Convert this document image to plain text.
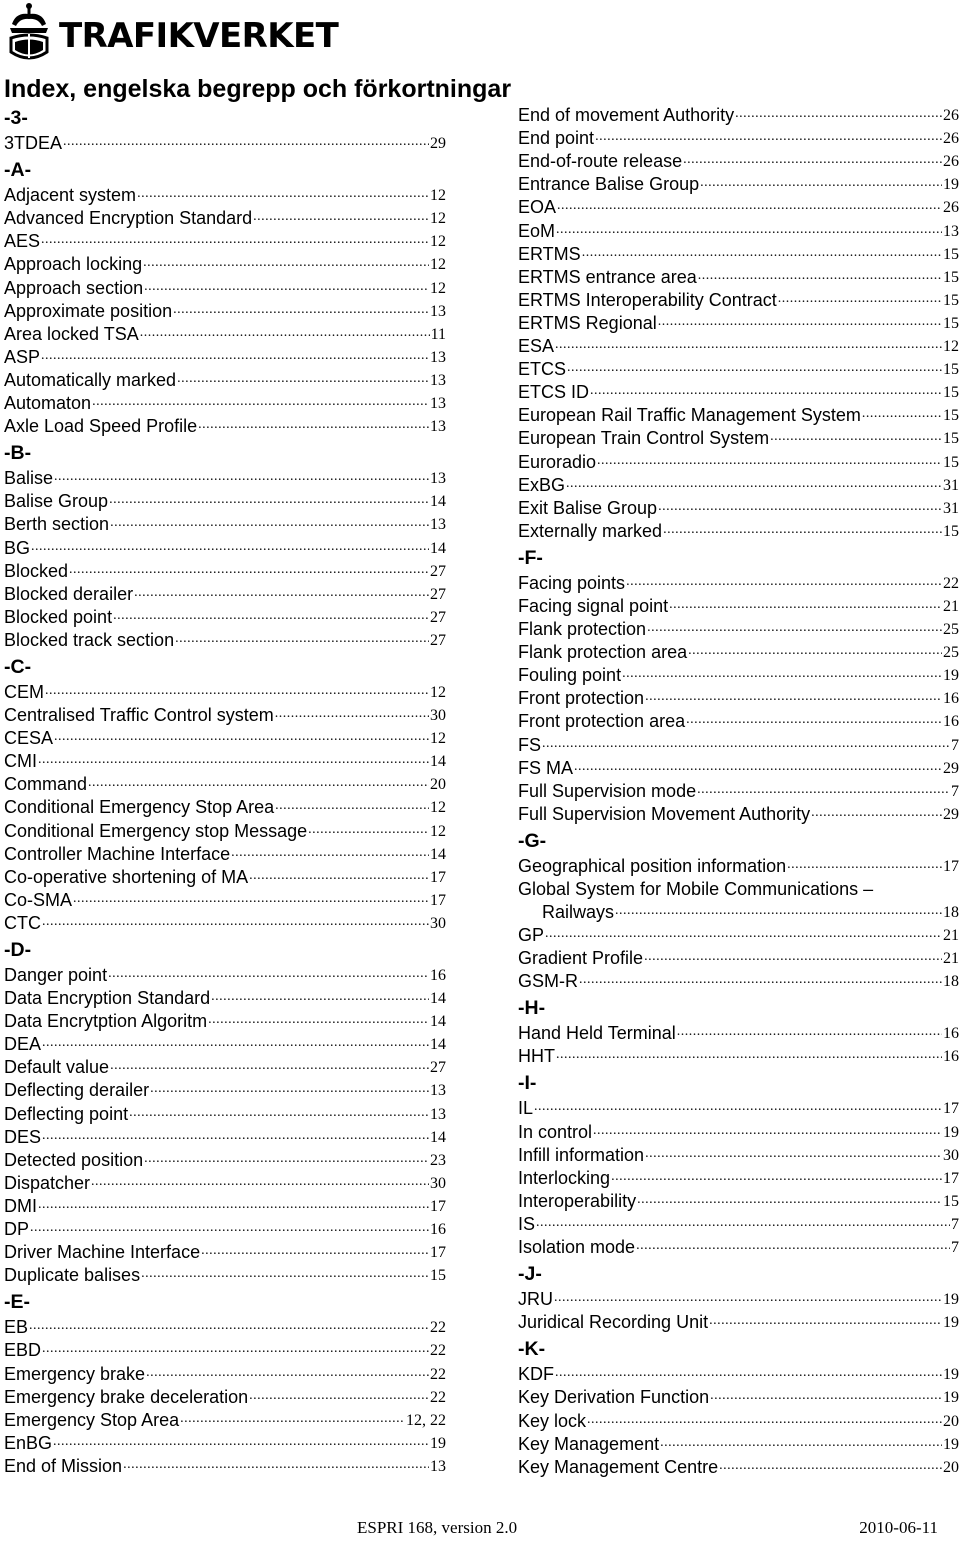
TRAFIKVERKET
Index, engelska begrepp och förkortningar
-3-
3TDEA .....	29
-A-
Adjacent system .....	12
Advanced Encryption Standard .....	12
AES .....	12
Approach locking .....	12
Approach section .....	12
Approximate position .....	13
Area locked TSA .....	11
ASP .....	13
Automatically marked .....	13
Automaton .....	13
Axle Load Speed Profile .....	13
-B-
Balise .....	13
Balise Group .....	14
Berth section .....	13
BG .....	14
Blocked .....	27
Blocked derailer .....	27
Blocked point .....	27
Blocked track section .....	27
-C-
CEM .....	12
Centralised Traffic Control system .....	30
CESA .....	12
CMI .....	14
Command .....	20
Conditional Emergency Stop Area .....	12
Conditional Emergency stop Message .....	12
Controller Machine Interface .....	14
Co-operative shortening of MA .....	17
Co-SMA .....	17
CTC .....	30
-D-
Danger point .....	16
Data Encryption Standard .....	14
Data Encrytption Algoritm .....	14
DEA .....	14
Default value .....	27
Deflecting derailer .....	13
Deflecting point .....	13
DES .....	14
Detected position .....	23
Dispatcher .....	30
DMI .....	17
DP .....	16
Driver Machine Interface .....	17
Duplicate balises .....	15
-E-
EB .....	22
EBD .....	22
Emergency brake .....	22
Emergency brake deceleration .....	22
Emergency Stop Area .....	12, 22
EnBG .....	19
End of Mission .....	13
End of movement Authority .....	26
End point .....	26
End-of-route release .....	26
Entrance Balise Group .....	19
EOA .....	26
EoM .....	13
ERTMS .....	15
ERTMS entrance area .....	15
ERTMS Interoperability Contract .....	15
ERTMS Regional .....	15
ESA .....	12
ETCS .....	15
ETCS ID .....	15
European Rail Traffic Management System .....	15
European Train Control System .....	15
Euroradio .....	15
ExBG .....	31
Exit Balise Group .....	31
Externally marked .....	15
-F-
Facing points .....	22
Facing signal point .....	21
Flank protection .....	25
Flank protection area .....	25
Fouling point .....	19
Front protection .....	16
Front protection area .....	16
FS .....	7
FS MA .....	29
Full Supervision mode .....	7
Full Supervision Movement Authority .....	29
-G-
Geographical position information .....	17
Global System for Mobile Communications –
Railways .....	18
GP .....	21
Gradient Profile .....	21
GSM-R .....	18
-H-
Hand Held Terminal .....	16
HHT .....	16
-I-
IL .....	17
In control .....	19
Infill information .....	30
Interlocking .....	17
Interoperability .....	15
IS .....	7
Isolation mode .....	7
-J-
JRU .....	19
Juridical Recording Unit .....	19
-K-
KDF .....	19
Key Derivation Function .....	19
Key lock .....	20
Key Management .....	19
Key Management Centre .....	20
ESPRI 168, version 2.0	2010-06-11
